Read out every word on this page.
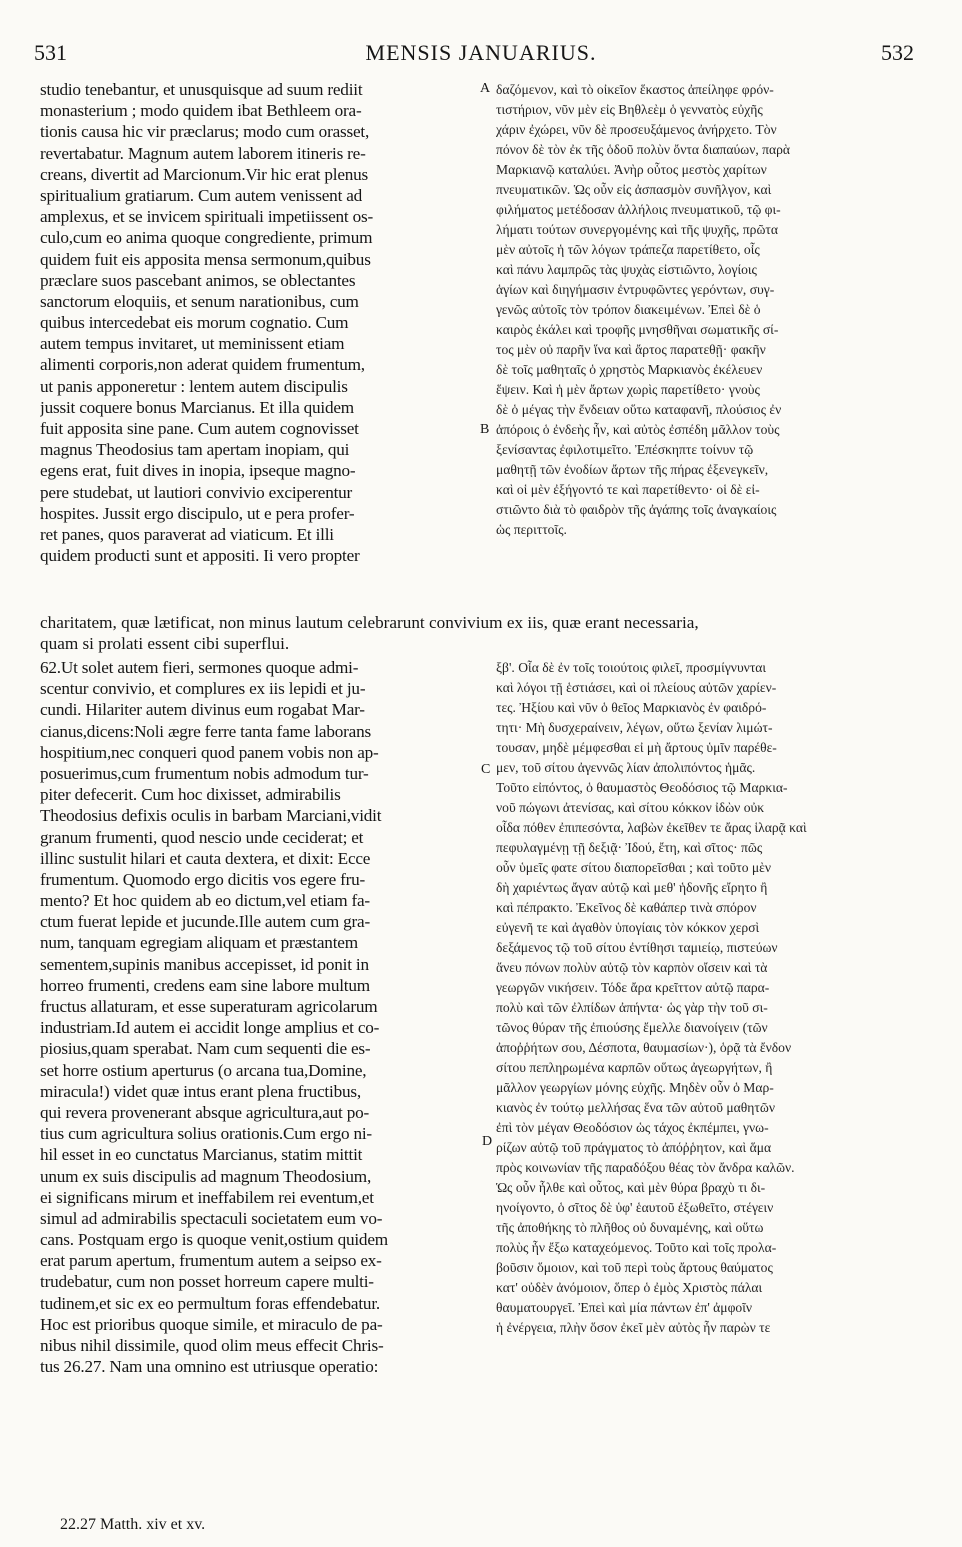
531	MENSIS JANUARIUS.	532
studio tenebantur, et unusquisque ad suum rediit
monasterium ; modo quidem ibat Bethleem ora-
tionis causa hic vir præclarus; modo cum orasset,
revertabatur. Magnum autem laborem itineris re-
creans, divertit ad Marcionum.Vir hic erat plenus
spiritualium gratiarum. Cum autem venissent ad
amplexus, et se invicem spirituali impetiissent os-
culo,cum eo anima quoque congrediente, primum
quidem fuit eis apposita mensa sermonum,quibus
præclare suos pascebant animos, se oblectantes
sanctorum eloquiis, et senum narationibus, cum
quibus intercedebat eis morum cognatio. Cum
autem tempus invitaret, ut meminissent etiam
alimenti corporis,non aderat quidem frumentum,
ut panis apponeretur : lentem autem discipulis
jussit coquere bonus Marcianus. Et illa quidem
fuit apposita sine pane. Cum autem cognovisset
magnus Theodosius tam apertam inopiam, qui
egens erat, fuit dives in inopia, ipseque magno-
pere studebat, ut lautiori convivio exciperentur
hospites. Jussit ergo discipulo, ut e pera profer-
ret panes, quos paraverat ad viaticum. Et illi
quidem producti sunt et appositi. Ii vero propter
δαζόμενον, καὶ τὸ οἰκεῖον ἕκαστος ἀπείληφε φρόν-
τιστήριον, νῦν μὲν εἰς Βηθλεὲμ ὁ γεννατὸς εὐχῆς
χάριν ἐχώρει, νῦν δὲ προσευξάμενος ἀνήρχετο. Τὸν
πόνον δὲ τὸν ἐκ τῆς ὁδοῦ πολὺν ὄντα διαπαύων, παρὰ
Μαρκιανῷ καταλύει. Ἀνὴρ οὗτος μεστὸς χαρίτων
πνευματικῶν. Ὡς οὖν εἰς ἀσπασμὸν συνῆλγον, καὶ
φιλήματος μετέδοσαν ἀλλήλοις πνευματικοῦ, τῷ φι-
λήματι τούτων συνεργομένης καὶ τῆς ψυχῆς, πρῶτα
μὲν αὐτοῖς ἡ τῶν λόγων τράπεζα παρετίθετο, οἷς
καὶ πάνυ λαμπρῶς τὰς ψυχὰς εἰστιῶντο, λογίοις
ἁγίων καὶ διηγήμασιν ἐντρυφῶντες γερόντων, συγ-
γενῶς αὐτοῖς τὸν τρόπον διακειμένων. Ἐπεὶ δὲ ὁ
καιρὸς ἐκάλει καὶ τροφῆς μνησθῆναι σωματικῆς σί-
τος μὲν οὐ παρῆν ἵνα καὶ ἄρτος παρατεθῇ· φακῆν
δὲ τοῖς μαθηταῖς ὁ χρηστὸς Μαρκιανὸς ἐκέλευεν
ἕψειν. Καὶ ἡ μὲν ἄρτων χωρὶς παρετίθετο· γνοὺς
δὲ ὁ μέγας τὴν ἔνδειαν οὕτω καταφανῆ, πλούσιος ἐν
ἀπόροις ὁ ἐνδεὴς ἦν, καὶ αὐτὸς ἐσπέδη μᾶλλον τοὺς
ξενίσαντας ἐφιλοτιμεῖτο. Ἐπέσκηπτε τοίνυν τῷ
μαθητῇ τῶν ἐνοδίων ἄρτων τῆς πήρας ἐξενεγκεῖν,
καὶ οἱ μὲν ἐξήγοντό τε καὶ παρετίθεντο· οἱ δὲ εἰ-
στιῶντο διὰ τὸ φαιδρὸν τῆς ἀγάπης τοῖς ἀναγκαίοις
ὡς περιττοῖς.
A
B
C
D
charitatem, quæ lætificat, non minus lautum celebrarunt convivium ex iis, quæ erant necessaria,
quam si prolati essent cibi superflui.
62.Ut solet autem fieri, sermones quoque admi-
scentur convivio, et complures ex iis lepidi et ju-
cundi. Hilariter autem divinus eum rogabat Mar-
cianus,dicens:Noli ægre ferre tanta fame laborans
hospitium,nec conqueri quod panem vobis non ap-
posuerimus,cum frumentum nobis admodum tur-
piter defecerit. Cum hoc dixisset, admirabilis
Theodosius defixis oculis in barbam Marciani,vidit
granum frumenti, quod nescio unde ceciderat; et
illinc sustulit hilari et cauta dextera, et dixit: Ecce
frumentum. Quomodo ergo dicitis vos egere fru-
mento? Et hoc quidem ab eo dictum,vel etiam fa-
ctum fuerat lepide et jucunde.Ille autem cum gra-
num, tanquam egregiam aliquam et præstantem
sementem,supinis manibus accepisset, id ponit in
horreo frumenti, credens eam sine labore multum
fructus allaturam, et esse superaturam agricolarum
industriam.Id autem ei accidit longe amplius et co-
piosius,quam sperabat. Nam cum sequenti die es-
set horre ostium aperturus (o arcana tua,Domine,
miracula!) videt quæ intus erant plena fructibus,
qui revera provenerant absque agricultura,aut po-
tius cum agricultura solius orationis.Cum ergo ni-
hil esset in eo cunctatus Marcianus, statim mittit
unum ex suis discipulis ad magnum Theodosium,
ei significans mirum et ineffabilem rei eventum,et
simul ad admirabilis spectaculi societatem eum vo-
cans. Postquam ergo is quoque venit,ostium quidem
erat parum apertum, frumentum autem a seipso ex-
trudebatur, cum non posset horreum capere multi-
tudinem,et sic ex eo permultum foras effendebatur.
Hoc est prioribus quoque simile, et miraculo de pa-
nibus nihil dissimile, quod olim meus effecit Chris-
tus 26.27. Nam una omnino est utriusque operatio:
ξβ'. Οἷα δὲ ἐν τοῖς τοιούτοις φιλεῖ, προσμίγνυνται
καὶ λόγοι τῇ ἑστιάσει, καὶ οἱ πλείους αὐτῶν χαρίεν-
τες. Ἠξίου καὶ νῦν ὁ θεῖος Μαρκιανὸς ἐν φαιδρό-
τητι· Μὴ δυσχεραίνειν, λέγων, οὕτω ξενίαν λιμώτ-
τουσαν, μηδὲ μέμφεσθαι εἰ μὴ ἄρτους ὑμῖν παρέθε-
μεν, τοῦ σίτου ἀγεννῶς λίαν ἀπολιπόντος ἡμᾶς.
Τοῦτο εἰπόντος, ὁ θαυμαστὸς Θεοδόσιος τῷ Μαρκια-
νοῦ πώγωνι ἀτενίσας, καὶ σίτου κόκκον ἰδὼν οὐκ
οἶδα πόθεν ἐπιπεσόντα, λαβὼν ἐκεῖθεν τε ἄρας ἱλαρᾷ καὶ
πεφυλαγμένῃ τῇ δεξιᾷ· Ἰδού, ἔτη, καὶ σῖτος· πῶς
οὖν ὑμεῖς φατε σίτου διαπορεῖσθαι ; καὶ τοῦτο μὲν
δὴ χαριέντως ἄγαν αὐτῷ καὶ μεθ' ἡδονῆς εἴρητο ἢ
καὶ πέπρακτο. Ἐκεῖνος δὲ καθάπερ τινὰ σπόρον
εὐγενῆ τε καὶ ἀγαθὸν ὑπογίαις τὸν κόκκον χερσὶ
δεξάμενος τῷ τοῦ σίτου ἐντίθησι ταμιείῳ, πιστεύων
ἄνευ πόνων πολὺν αὐτῷ τὸν καρπὸν οἴσειν καὶ τὰ
γεωργῶν νικήσειν. Τόδε ἄρα κρεῖττον αὐτῷ παρα-
πολὺ καὶ τῶν ἐλπίδων ἀπήντα· ὡς γὰρ τὴν τοῦ σι-
τῶνος θύραν τῆς ἐπιούσης ἔμελλε διανοίγειν (τῶν
ἀποῤῥήτων σου, Δέσποτα, θαυμασίων·), ὁρᾷ τὰ ἔνδον
σίτου πεπληρωμένα καρπῶν οὕτως ἀγεωργήτων, ἢ
μᾶλλον γεωργίων μόνης εὐχῆς. Μηδὲν οὖν ὁ Μαρ-
κιανὸς ἐν τούτῳ μελλήσας ἕνα τῶν αὐτοῦ μαθητῶν
ἐπὶ τὸν μέγαν Θεοδόσιον ὡς τάχος ἐκπέμπει, γνω-
ρίζων αὐτῷ τοῦ πράγματος τὸ ἀπόῤῥητον, καὶ ἅμα
πρὸς κοινωνίαν τῆς παραδόξου θέας τὸν ἄνδρα καλῶν.
Ὡς οὖν ἦλθε καὶ οὗτος, καὶ μὲν θύρα βραχὺ τι δι-
ηνοίγοντο, ὁ σῖτος δὲ ὑφ' ἑαυτοῦ ἐξωθεῖτο, στέγειν
τῆς ἀποθήκης τὸ πλῆθος οὐ δυναμένης, καὶ οὕτω
πολὺς ἦν ἔξω καταχεόμενος. Τοῦτο καὶ τοῖς προλα-
βοῦσιν ὅμοιον, καὶ τοῦ περὶ τοὺς ἄρτους θαύματος
κατ' οὐδὲν ἀνόμοιον, ὅπερ ὁ ἐμὸς Χριστὸς πάλαι
θαυματουργεῖ. Ἐπεὶ καὶ μία πάντων ἐπ' ἀμφοῖν
ἡ ἐνέργεια, πλὴν ὅσον ἐκεῖ μὲν αὐτὸς ἦν παρὼν τε
22.27 Matth. xiv et xv.
